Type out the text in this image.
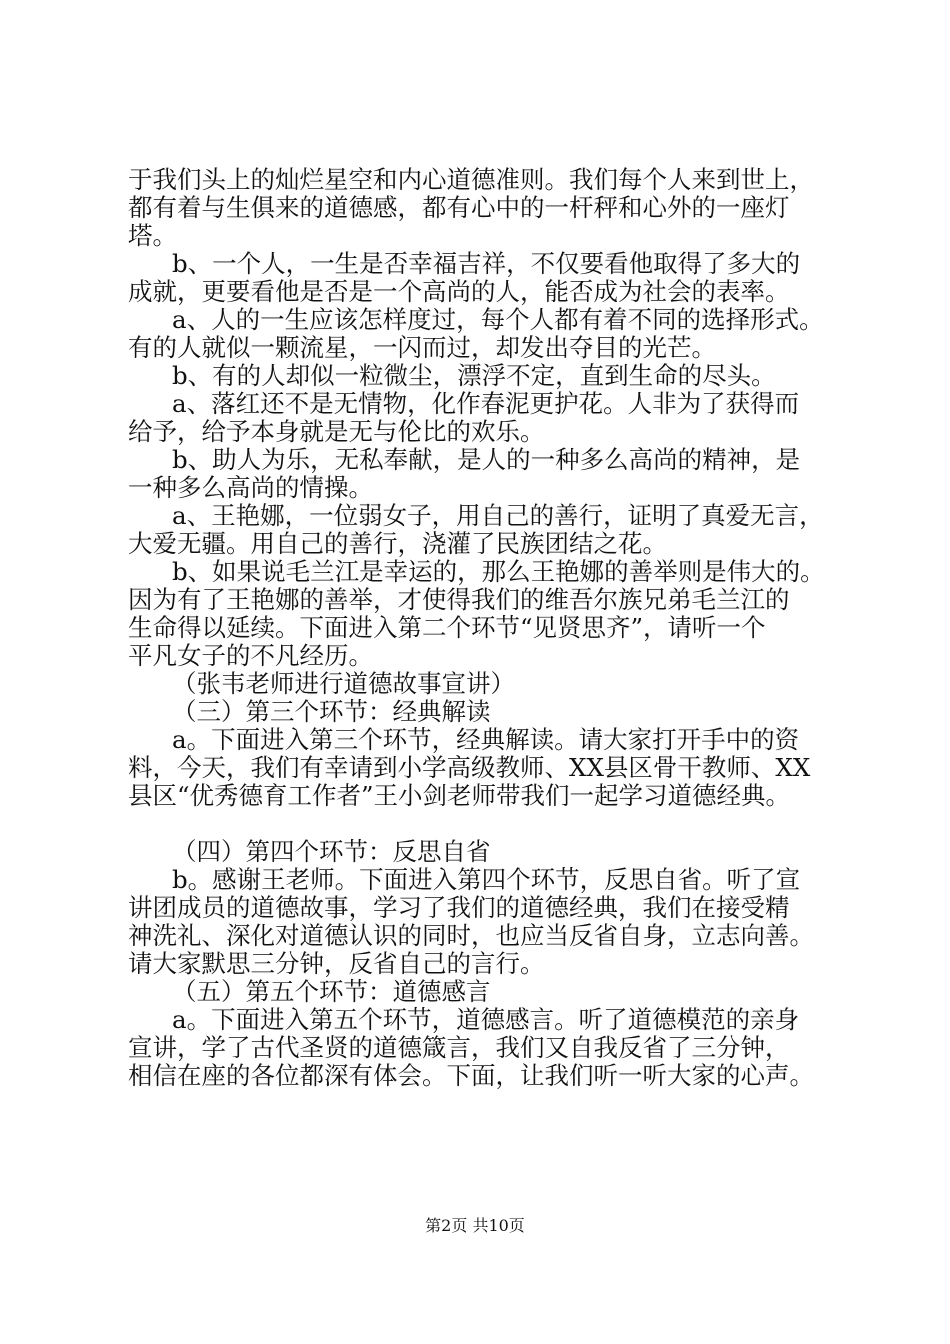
于我们头上的灿烂星空和内心道德准则。我们每个人来到世上，
都有着与生俱来的道德感，都有心中的一杆秤和心外的一座灯
塔。
b、一个人，一生是否幸福吉祥，不仅要看他取得了多大的
成就，更要看他是否是一个高尚的人，能否成为社会的表率。
a、人的一生应该怎样度过，每个人都有着不同的选择形式。
有的人就似一颗流星，一闪而过，却发出夺目的光芒。
b、有的人却似一粒微尘，漂浮不定，直到生命的尽头。
a、落红还不是无情物，化作春泥更护花。人非为了获得而
给予，给予本身就是无与伦比的欢乐。
b、助人为乐，无私奉献，是人的一种多么高尚的精神，是
一种多么高尚的情操。
a、王艳娜，一位弱女子，用自己的善行，证明了真爱无言，
大爱无疆。用自己的善行，浇灌了民族团结之花。
b、如果说毛兰江是幸运的，那么王艳娜的善举则是伟大的。
因为有了王艳娜的善举，才使得我们的维吾尔族兄弟毛兰江的
生命得以延续。下面进入第二个环节“见贤思齐”，请听一个
平凡女子的不凡经历。
（张韦老师进行道德故事宣讲）
（三）第三个环节：经典解读
a。下面进入第三个环节，经典解读。请大家打开手中的资
料，今天，我们有幸请到小学高级教师、XX县区骨干教师、XX
县区“优秀德育工作者”王小剑老师带我们一起学习道德经典。
（四）第四个环节：反思自省
b。感谢王老师。下面进入第四个环节，反思自省。听了宣
讲团成员的道德故事，学习了我们的道德经典，我们在接受精
神洗礼、深化对道德认识的同时，也应当反省自身，立志向善。
请大家默思三分钟，反省自己的言行。
（五）第五个环节：道德感言
a。下面进入第五个环节，道德感言。听了道德模范的亲身
宣讲，学了古代圣贤的道德箴言，我们又自我反省了三分钟，
相信在座的各位都深有体会。下面，让我们听一听大家的心声。
第2页 共10页
